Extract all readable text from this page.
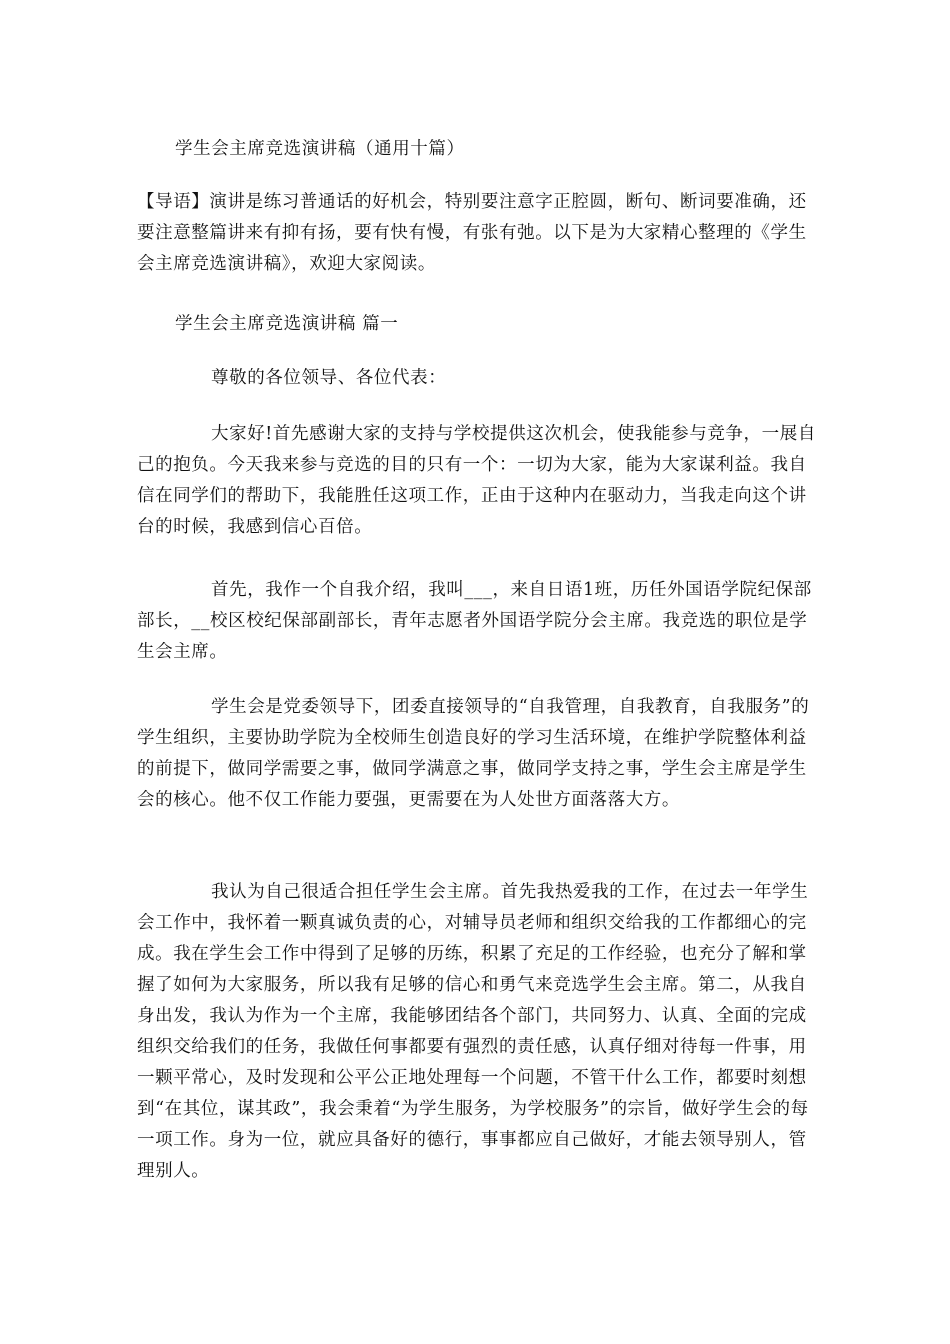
学生会主席竞选演讲稿（通用十篇）

【导语】演讲是练习普通话的好机会，特别要注意字正腔圆，断句、断词要准确，还要注意整篇讲来有抑有扬，要有快有慢，有张有弛。以下是为大家精心整理的《学生会主席竞选演讲稿》，欢迎大家阅读。

学生会主席竞选演讲稿 篇一

尊敬的各位领导、各位代表：

大家好!首先感谢大家的支持与学校提供这次机会，使我能参与竞争，一展自己的抱负。今天我来参与竞选的目的只有一个：一切为大家，能为大家谋利益。我自信在同学们的帮助下，我能胜任这项工作，正由于这种内在驱动力，当我走向这个讲台的时候，我感到信心百倍。

首先，我作一个自我介绍，我叫___，来自日语1班，历任外国语学院纪保部部长，__校区校纪保部副部长，青年志愿者外国语学院分会主席。我竞选的职位是学生会主席。

学生会是党委领导下，团委直接领导的“自我管理，自我教育，自我服务”的学生组织，主要协助学院为全校师生创造良好的学习生活环境，在维护学院整体利益的前提下，做同学需要之事，做同学满意之事，做同学支持之事，学生会主席是学生会的核心。他不仅工作能力要强，更需要在为人处世方面落落大方。

我认为自己很适合担任学生会主席。首先我热爱我的工作，在过去一年学生会工作中，我怀着一颗真诚负责的心，对辅导员老师和组织交给我的工作都细心的完成。我在学生会工作中得到了足够的历练，积累了充足的工作经验，也充分了解和掌握了如何为大家服务，所以我有足够的信心和勇气来竞选学生会主席。第二，从我自身出发，我认为作为一个主席，我能够团结各个部门，共同努力、认真、全面的完成组织交给我们的任务，我做任何事都要有强烈的责任感，认真仔细对待每一件事，用一颗平常心，及时发现和公平公正地处理每一个问题，不管干什么工作，都要时刻想到“在其位，谋其政”，我会秉着“为学生服务，为学校服务”的宗旨，做好学生会的每一项工作。身为一位，就应具备好的德行，事事都应自己做好，才能去领导别人，管理别人。
